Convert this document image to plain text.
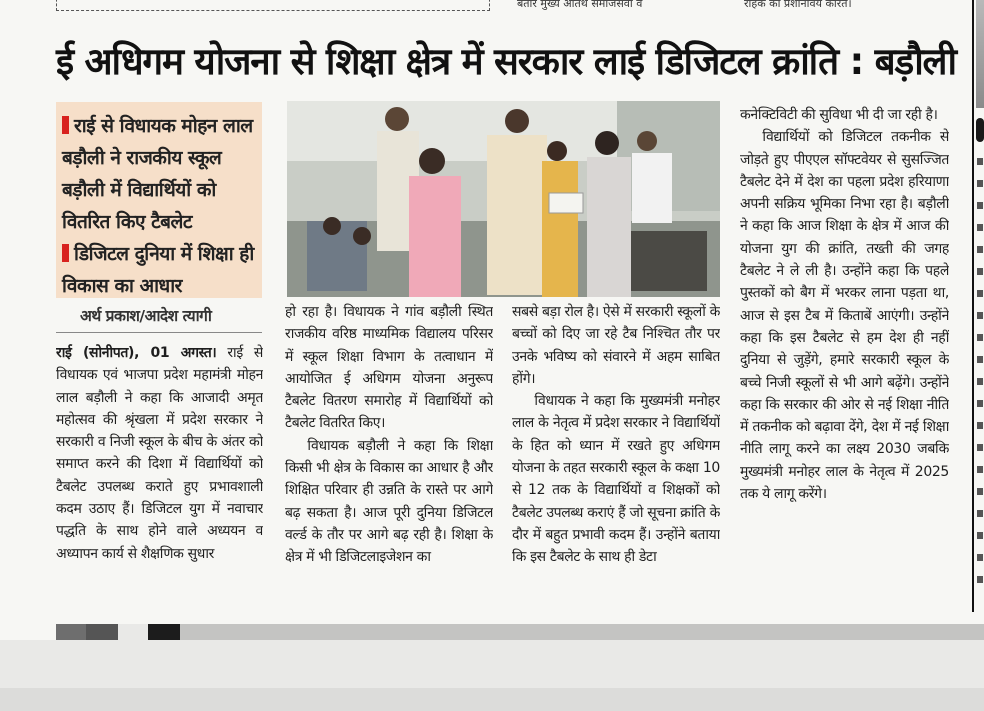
बतार मुख्य आतथ समाजसवा व	राहक का प्रशानावय कारत।
ई अधिगम योजना से शिक्षा क्षेत्र में सरकार लाई डिजिटल क्रांति : बड़ौली

राई से विधायक मोहन लाल बड़ौली ने राजकीय स्कूल बड़ौली में विद्यार्थियों को वितरित किए टैबलेट

डिजिटल दुनिया में शिक्षा ही विकास का आधार

अर्थ प्रकाश/आदेश त्यागी

राई (सोनीपत), 01 अगस्त। राई से विधायक एवं भाजपा प्रदेश महामंत्री मोहन लाल बड़ौली ने कहा कि आजादी अमृत महोत्सव की श्रृंखला में प्रदेश सरकार ने सरकारी व निजी स्कूल के बीच के अंतर को समाप्त करने की दिशा में विद्यार्थियों को टैबलेट उपलब्ध कराते हुए प्रभावशाली कदम उठाए हैं। डिजिटल युग में नवाचार पद्धति के साथ होने वाले अध्ययन व अध्यापन कार्य से शैक्षणिक सुधार

हो रहा है। विधायक ने गांव बड़ौली स्थित राजकीय वरिष्ठ माध्यमिक विद्यालय परिसर में स्कूल शिक्षा विभाग के तत्वाधान में आयोजित ई अधिगम योजना अनुरूप टैबलेट वितरण समारोह में विद्यार्थियों को टैबलेट वितरित किए।

विधायक बड़ौली ने कहा कि शिक्षा किसी भी क्षेत्र के विकास का आधार है और शिक्षित परिवार ही उन्नति के रास्ते पर आगे बढ़ सकता है। आज पूरी दुनिया डिजिटल वर्ल्ड के तौर पर आगे बढ़ रही है। शिक्षा के क्षेत्र में भी डिजिटलाइजेशन का

सबसे बड़ा रोल है। ऐसे में सरकारी स्कूलों के बच्चों को दिए जा रहे टैब निश्चित तौर पर उनके भविष्य को संवारने में अहम साबित होंगे।

विधायक ने कहा कि मुख्यमंत्री मनोहर लाल के नेतृत्व में प्रदेश सरकार ने विद्यार्थियों के हित को ध्यान में रखते हुए अधिगम योजना के तहत सरकारी स्कूल के कक्षा 10 से 12 तक के विद्यार्थियों व शिक्षकों को टैबलेट उपलब्ध कराएं हैं जो सूचना क्रांति के दौर में बहुत प्रभावी कदम हैं। उन्होंने बताया कि इस टैबलेट के साथ ही डेटा

कनेक्टिविटी की सुविधा भी दी जा रही है।

विद्यार्थियों को डिजिटल तकनीक से जोड़ते हुए पीएएल सॉफ्टवेयर से सुसज्जित टैबलेट देने में देश का पहला प्रदेश हरियाणा अपनी सक्रिय भूमिका निभा रहा है। बड़ौली ने कहा कि आज शिक्षा के क्षेत्र में आज की योजना युग की क्रांति, तख्ती की जगह टैबलेट ने ले ली है। उन्होंने कहा कि पहले पुस्तकों को बैग में भरकर लाना पड़ता था, आज से इस टैब में किताबें आएंगी। उन्होंने कहा कि इस टैबलेट से हम देश ही नहीं दुनिया से जुड़ेंगे, हमारे सरकारी स्कूल के बच्चे निजी स्कूलों से भी आगे बढ़ेंगे। उन्होंने कहा कि सरकार की ओर से नई शिक्षा नीति में तकनीक को बढ़ावा देंगे, देश में नई शिक्षा नीति लागू करने का लक्ष्य 2030 जबकि मुख्यमंत्री मनोहर लाल के नेतृत्व में 2025 तक ये लागू करेंगे।
